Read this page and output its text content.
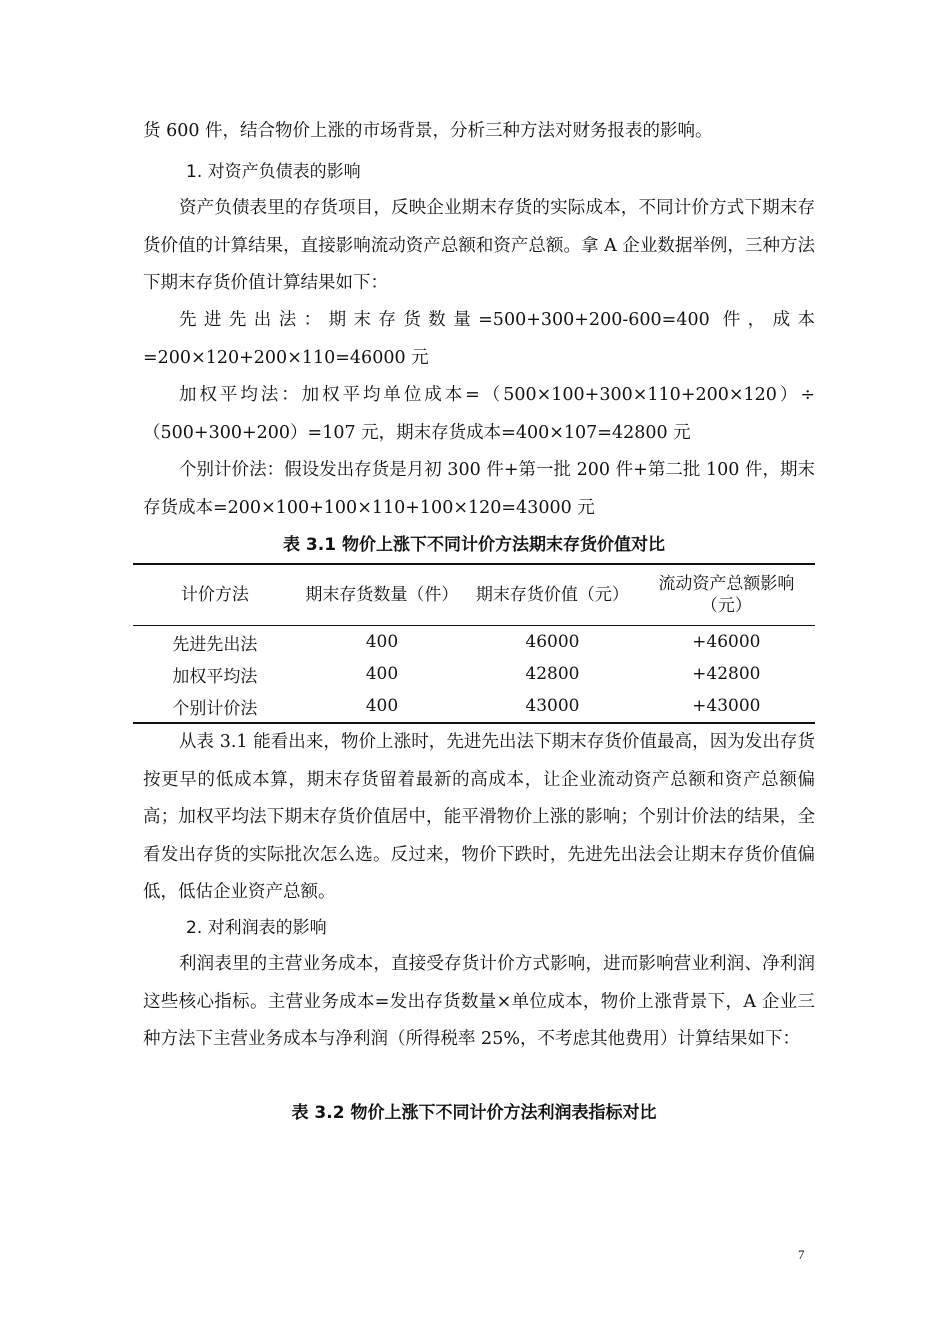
货 600 件，结合物价上涨的市场背景，分析三种方法对财务报表的影响。

1. 对资产负债表的影响

资产负债表里的存货项目，反映企业期末存货的实际成本，不同计价方式下期末存货价值的计算结果，直接影响流动资产总额和资产总额。拿 A 企业数据举例，三种方法下期末存货价值计算结果如下：

先进先出法：期末存货数量=500+300+200-600=400 件，成本=200×120+200×110=46000 元

加权平均法：加权平均单位成本=（500×100+300×110+200×120）÷（500+300+200）=107 元，期末存货成本=400×107=42800 元

个别计价法：假设发出存货是月初 300 件+第一批 200 件+第二批 100 件，期末存货成本=200×100+100×110+100×120=43000 元

表 3.1 物价上涨下不同计价方法期末存货价值对比

计价方法	期末存货数量（件）	期末存货价值（元）	流动资产总额影响（元）
先进先出法	400	46000	+46000
加权平均法	400	42800	+42800
个别计价法	400	43000	+43000

从表 3.1 能看出来，物价上涨时，先进先出法下期末存货价值最高，因为发出存货按更早的低成本算，期末存货留着最新的高成本，让企业流动资产总额和资产总额偏高；加权平均法下期末存货价值居中，能平滑物价上涨的影响；个别计价法的结果，全看发出存货的实际批次怎么选。反过来，物价下跌时，先进先出法会让期末存货价值偏低，低估企业资产总额。

2. 对利润表的影响

利润表里的主营业务成本，直接受存货计价方式影响，进而影响营业利润、净利润这些核心指标。主营业务成本=发出存货数量×单位成本，物价上涨背景下，A 企业三种方法下主营业务成本与净利润（所得税率 25%，不考虑其他费用）计算结果如下：

表 3.2 物价上涨下不同计价方法利润表指标对比

7
